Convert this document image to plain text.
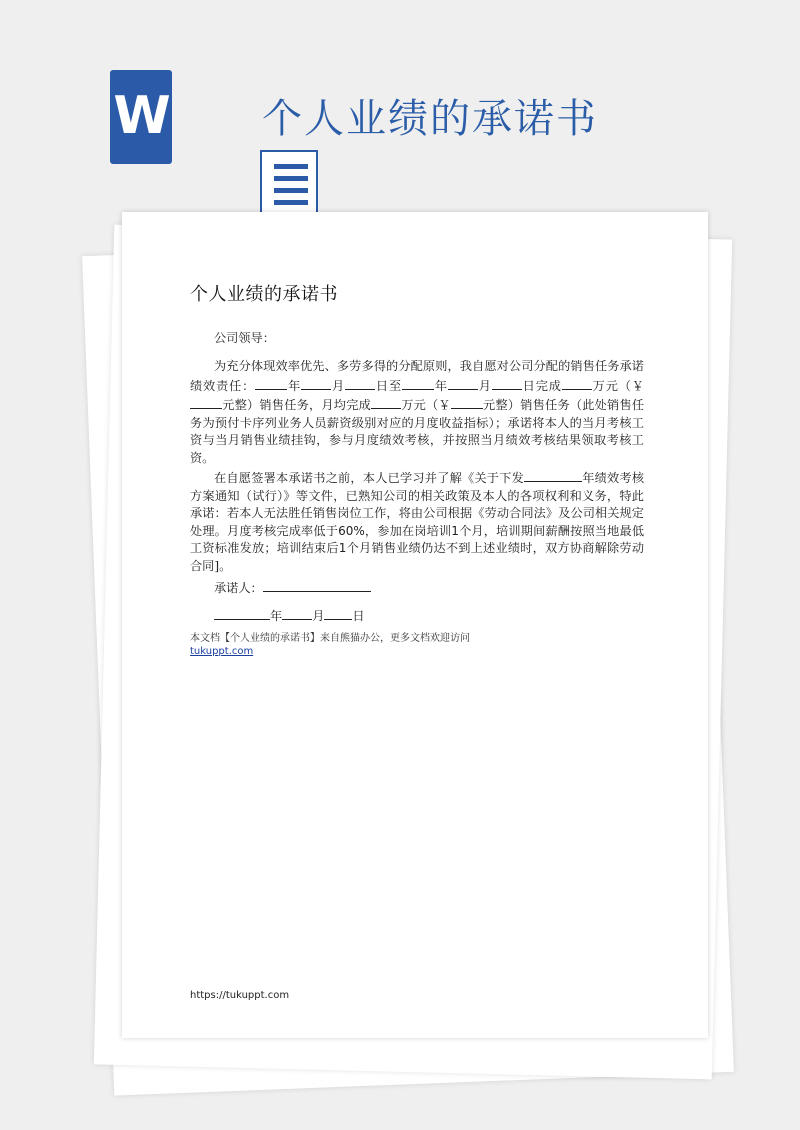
W 个人业绩的承诺书
个人业绩的承诺书

公司领导：

为充分体现效率优先、多劳多得的分配原则，我自愿对公司分配的销售任务承诺绩效责任：	年 月 日至	年 月 日完成 万元（￥元整）销售任务，月均完成 万元（￥	元整）销售任务（此处销售任务为预付卡序列业务人员薪资级别对应的月度收益指标）；承诺将本人的当月考核工资与当月销售业绩挂钩，参与月度绩效考核，并按照当月绩效考核结果领取考核工资。

在自愿签署本承诺书之前，本人已学习并了解《关于下发	年绩效考核方案通知（试行）》等文件，已熟知公司的相关政策及本人的各项权利和义务，特此承诺：若本人无法胜任销售岗位工作，将由公司根据《劳动合同法》及公司相关规定处理。月度考核完成率低于60%，参加在岗培训1个月，培训期间薪酬按照当地最低工资标准发放；培训结束后1个月销售业绩仍达不到上述业绩时，双方协商解除劳动合同]。

承诺人：

年 月 日

本文档【个人业绩的承诺书】来自熊猫办公，更多文档欢迎访问
tukuppt.com
https://tukuppt.com
